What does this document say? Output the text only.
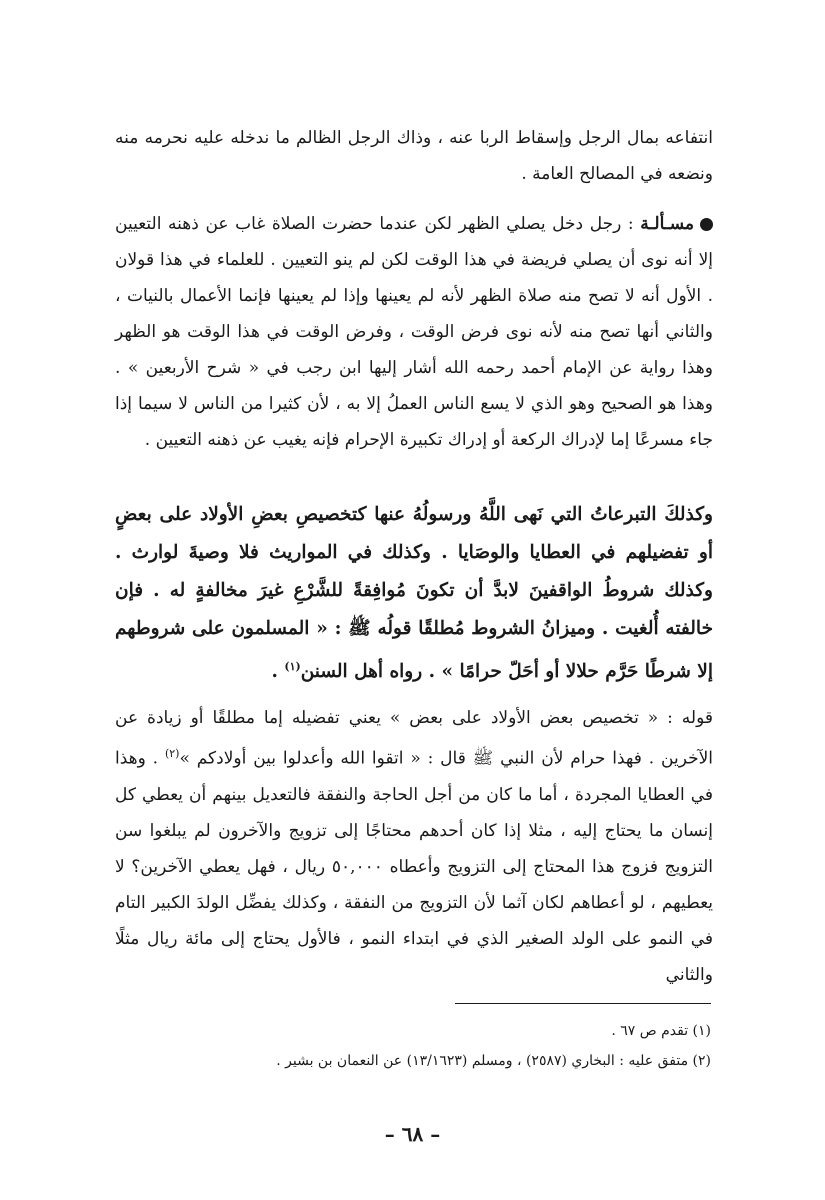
انتفاعه بمال الرجل وإسقاط الربا عنه ، وذاك الرجل الظالم ما ندخله عليه نحرمه منه ونضعه في المصالح العامة .

مسـألـة : رجل دخل يصلي الظهر لكن عندما حضرت الصلاة غاب عن ذهنه التعيين إلا أنه نوى أن يصلي فريضة في هذا الوقت لكن لم ينو التعيين . للعلماء في هذا قولان . الأول أنه لا تصح منه صلاة الظهر لأنه لم يعينها وإذا لم يعينها فإنما الأعمال بالنيات ، والثاني أنها تصح منه لأنه نوى فرض الوقت ، وفرض الوقت في هذا الوقت هو الظهر وهذا رواية عن الإمام أحمد رحمه الله أشار إليها ابن رجب في « شرح الأربعين » . وهذا هو الصحيح وهو الذي لا يسع الناس العملُ إلا به ، لأن كثيرا من الناس لا سيما إذا جاء مسرعًا إما لإدراك الركعة أو إدراك تكبيرة الإحرام فإنه يغيب عن ذهنه التعيين .

وكذلكَ التبرعاتُ التي نَهى اللَّهُ ورسولُهُ عنها كتخصيصِ بعضِ الأولاد على بعضٍ أو تفضيلهم في العطايا والوصَايا . وكذلك في المواريث فلا وصيةَ لوارث . وكذلك شروطُ الواقفينَ لابدَّ أن تكونَ مُوافِقةً للشَّرْعِ غيرَ مخالفةٍ له . فإن خالفته أُلغيت . وميزانُ الشروط مُطلقًا قولُه ﷺ : « المسلمون على شروطهم إلا شرطًا حَرَّم حلالا أو أحَلّ حرامًا » . رواه أهل السنن$^{(١)}$ .

قوله : « تخصيص بعض الأولاد على بعض » يعني تفضيله إما مطلقًا أو زيادة عن الآخرين . فهذا حرام لأن النبي ﷺ قال : « اتقوا الله وأعدلوا بين أولادكم »$^{(٢)}$ . وهذا في العطايا المجردة ، أما ما كان من أجل الحاجة والنفقة فالتعديل بينهم أن يعطي كل إنسان ما يحتاج إليه ، مثلا إذا كان أحدهم محتاجًا إلى تزويج والآخرون لم يبلغوا سن التزويج فزوج هذا المحتاج إلى التزويج وأعطاه ٥٠,٠٠٠ ريال ، فهل يعطي الآخرين؟ لا يعطيهم ، لو أعطاهم لكان آثما لأن التزويج من النفقة ، وكذلك يفضِّل الولدَ الكبير التام في النمو على الولد الصغير الذي في ابتداء النمو ، فالأول يحتاج إلى مائة ريال مثلًا والثاني

(١) تقدم ص ٦٧ .

(٢) متفق عليه : البخاري (٢٥٨٧) ، ومسلم (١٣/١٦٢٣) عن النعمان بن بشير .

– ٦٨ –
